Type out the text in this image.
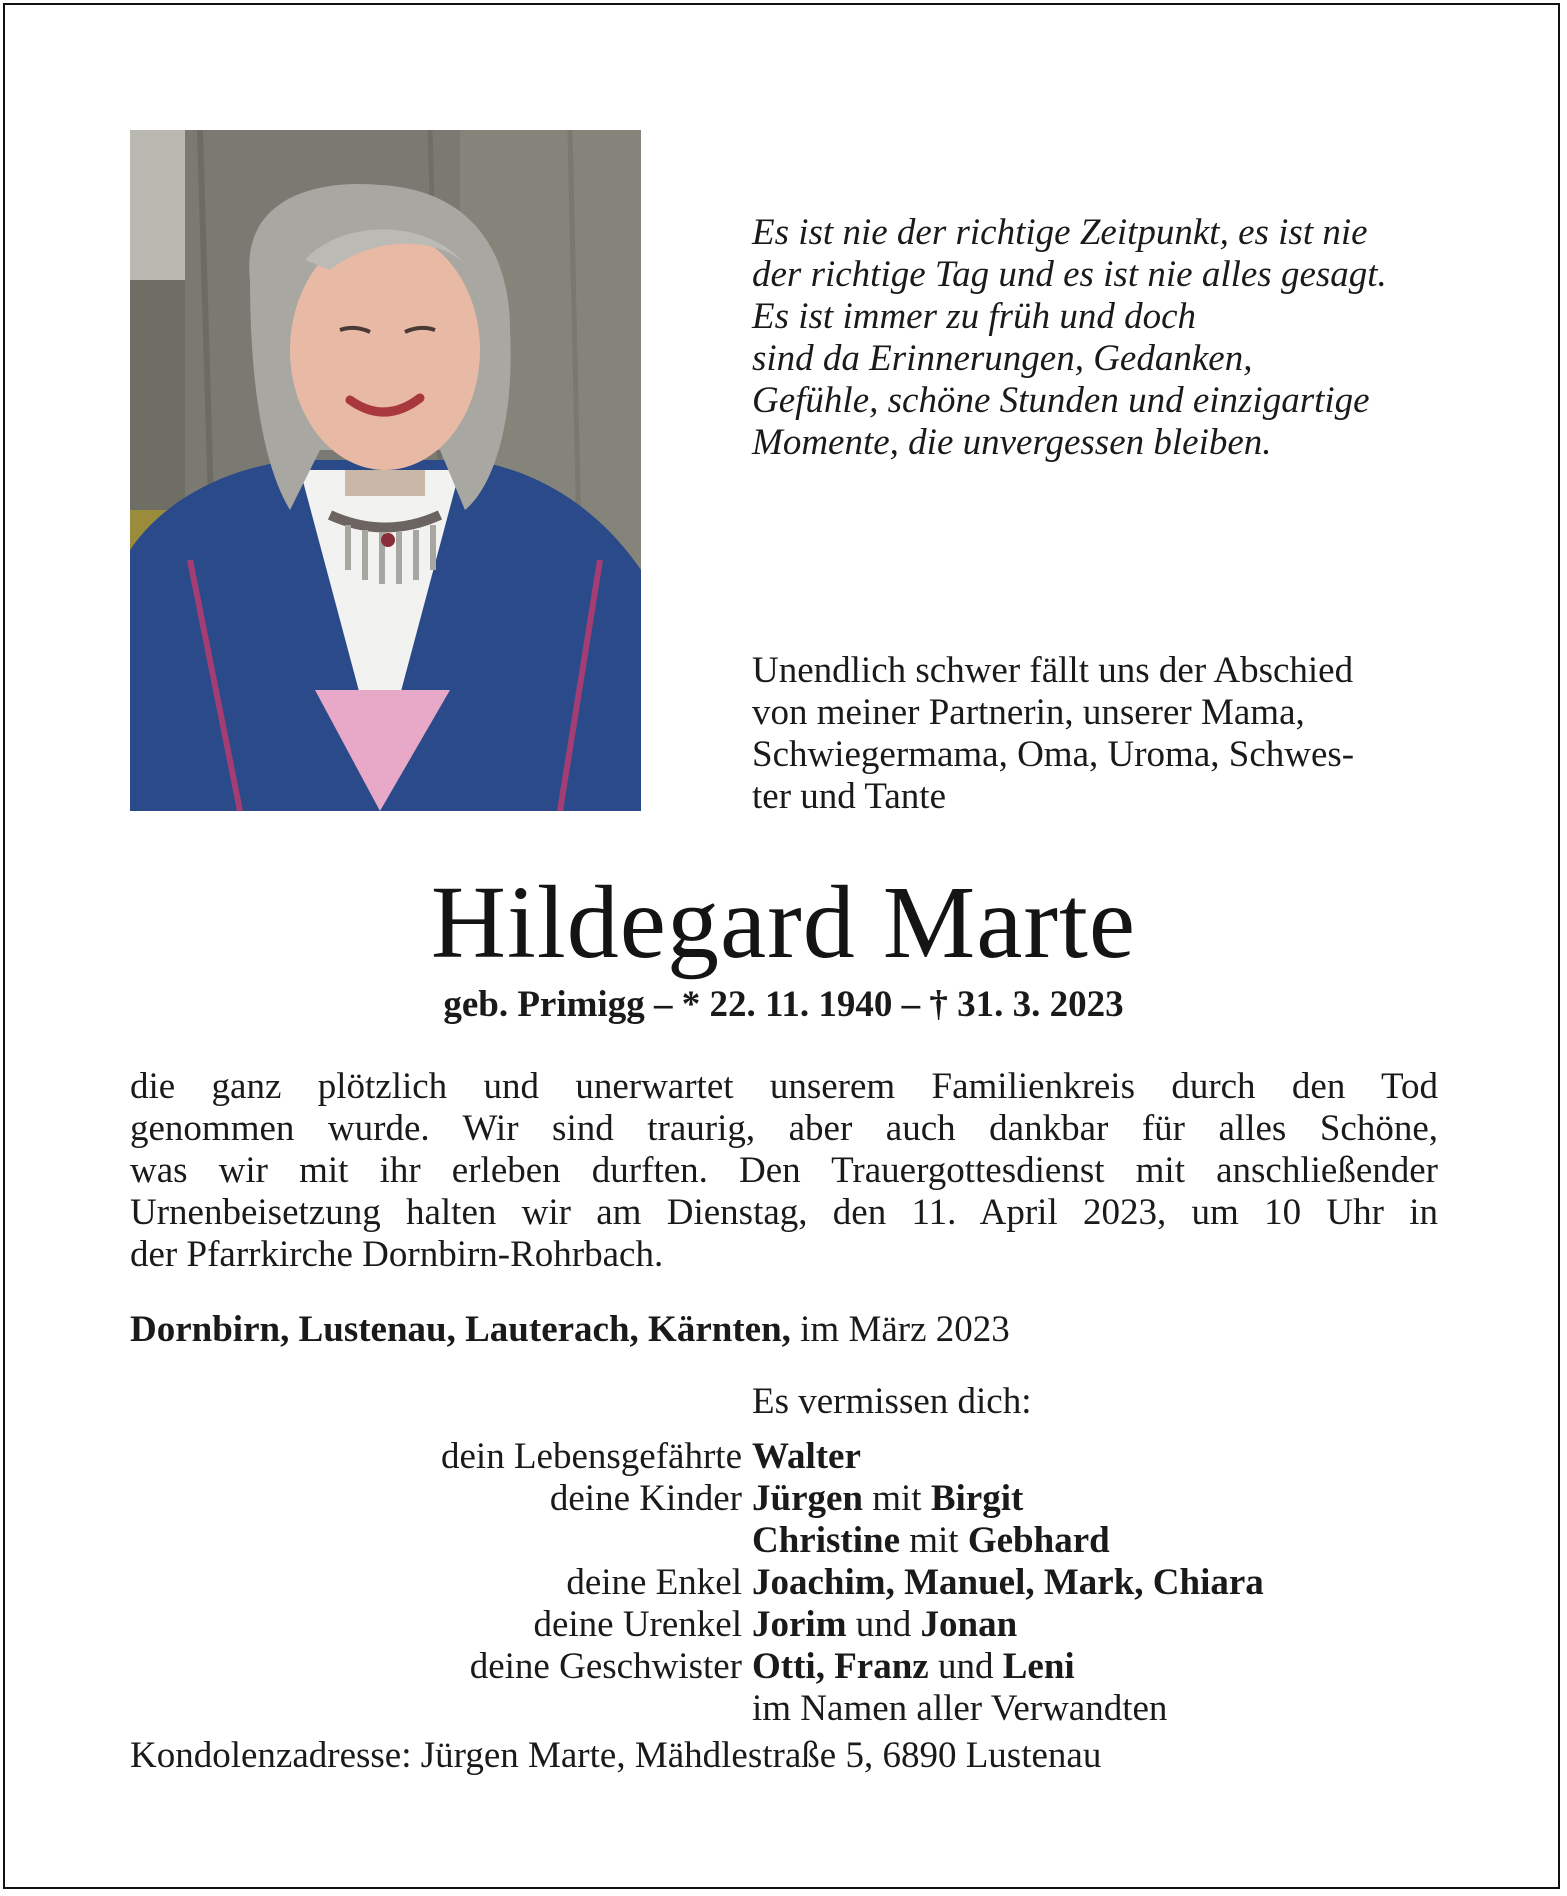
Es ist nie der richtige Zeitpunkt, es ist nie
der richtige Tag und es ist nie alles gesagt.
Es ist immer zu früh und doch
sind da Erinnerungen, Gedanken,
Gefühle, schöne Stunden und einzigartige
Momente, die unvergessen bleiben.
Unendlich schwer fällt uns der Abschied
von meiner Partnerin, unserer Mama,
Schwiegermama, Oma, Uroma, Schwes-
ter und Tante
Hildegard Marte
geb. Primigg – * 22. 11. 1940 – † 31. 3. 2023
die ganz plötzlich und unerwartet unserem Familienkreis durch den Tod
genommen wurde. Wir sind traurig, aber auch dankbar für alles Schöne,
was wir mit ihr erleben durften. Den Trauergottesdienst mit anschließender
Urnenbeisetzung halten wir am Dienstag, den 11. April 2023, um 10 Uhr in
der Pfarrkirche Dornbirn-Rohrbach.
Dornbirn, Lustenau, Lauterach, Kärnten, im März 2023
Es vermissen dich:
dein Lebensgefährte Walter
deine Kinder Jürgen mit Birgit
Christine mit Gebhard
deine Enkel Joachim, Manuel, Mark, Chiara
deine Urenkel Jorim und Jonan
deine Geschwister Otti, Franz und Leni
im Namen aller Verwandten
Kondolenzadresse: Jürgen Marte, Mähdlestraße 5, 6890 Lustenau
